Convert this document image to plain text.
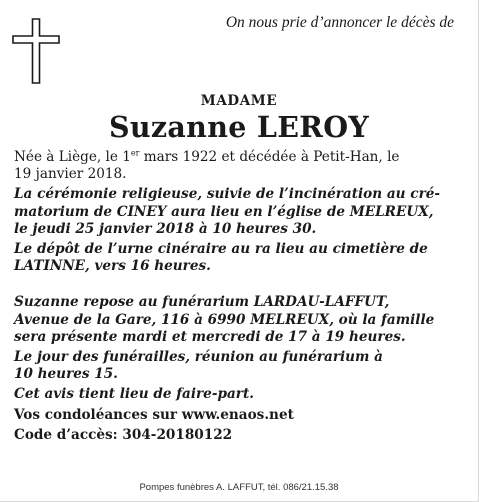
On nous prie d’annoncer le décès de
MADAME
Suzanne LEROY

Née à Liège, le 1er mars 1922 et décédée à Petit-Han, le

19 janvier 2018.

La cérémonie religieuse, suivie de l’incinération au cré-

matorium de CINEY aura lieu en l’église de MELREUX,

le jeudi 25 janvier 2018 à 10 heures 30.

Le dépôt de l’urne cinéraire au ra lieu au cimetière de

LATINNE, vers 16 heures.

Suzanne repose au funérarium LARDAU-LAFFUT,

Avenue de la Gare, 116 à 6990 MELREUX, où la famille

sera présente mardi et mercredi de 17 à 19 heures.

Le jour des funérailles, réunion au funérarium à

10 heures 15.

Cet avis tient lieu de faire-part.

Vos condoléances sur www.enaos.net

Code d’accès: 304-20180122

Pompes funèbres A. LAFFUT, tél. 086/21.15.38
